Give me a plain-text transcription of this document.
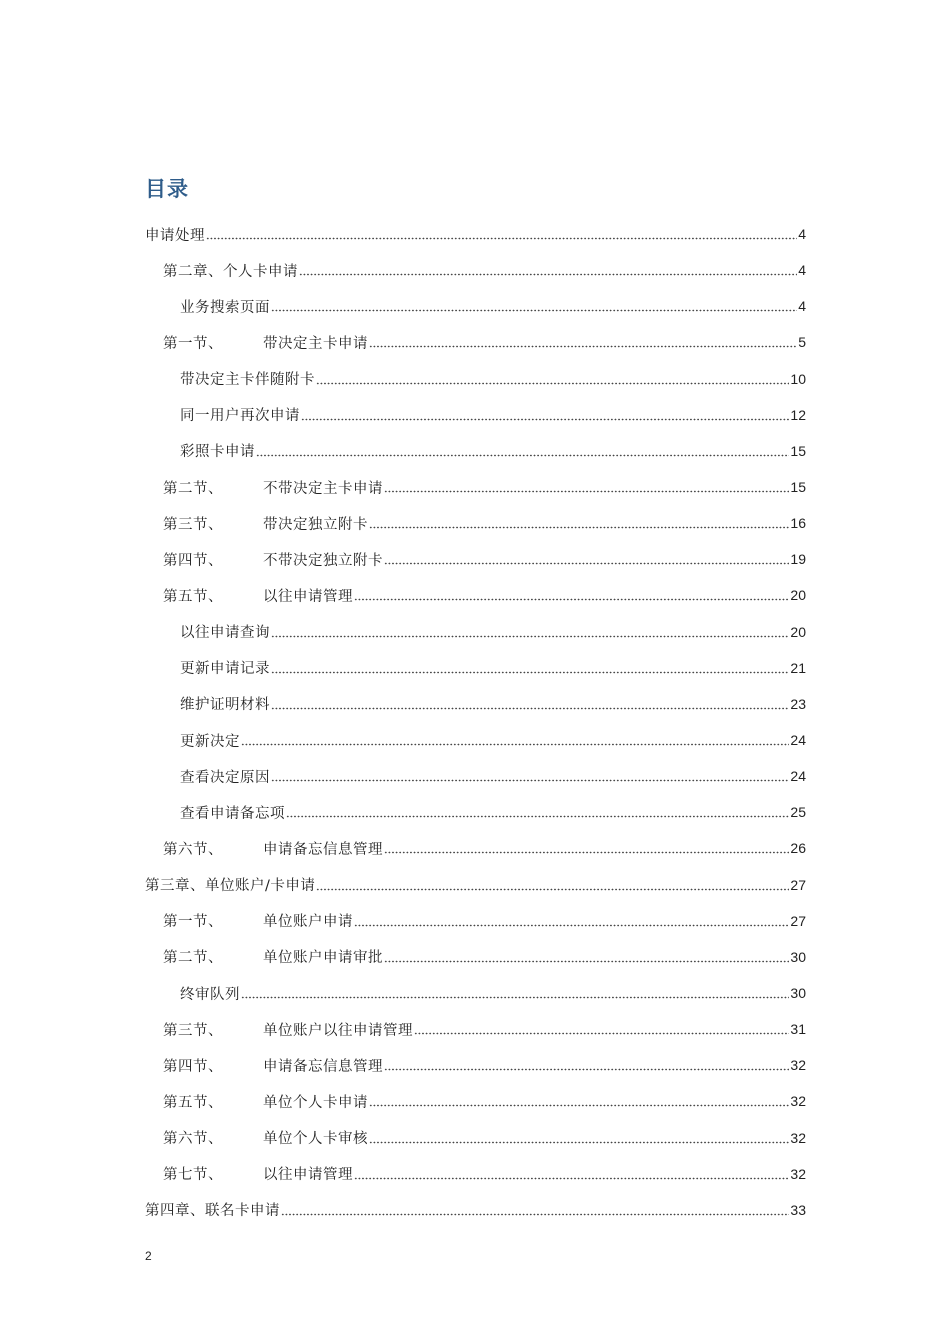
目录
申请处理	4
第二章、个人卡申请	4
业务搜索页面	4
第一节、	带决定主卡申请	5
带决定主卡伴随附卡	10
同一用户再次申请	12
彩照卡申请	15
第二节、	不带决定主卡申请	15
第三节、	带决定独立附卡	16
第四节、	不带决定独立附卡	19
第五节、	以往申请管理	20
以往申请查询	20
更新申请记录	21
维护证明材料	23
更新决定	24
查看决定原因	24
查看申请备忘项	25
第六节、	申请备忘信息管理	26
第三章、单位账户/卡申请	27
第一节、	单位账户申请	27
第二节、	单位账户申请审批	30
终审队列	30
第三节、	单位账户以往申请管理	31
第四节、	申请备忘信息管理	32
第五节、	单位个人卡申请	32
第六节、	单位个人卡审核	32
第七节、	以往申请管理	32
第四章、联名卡申请	33
2
